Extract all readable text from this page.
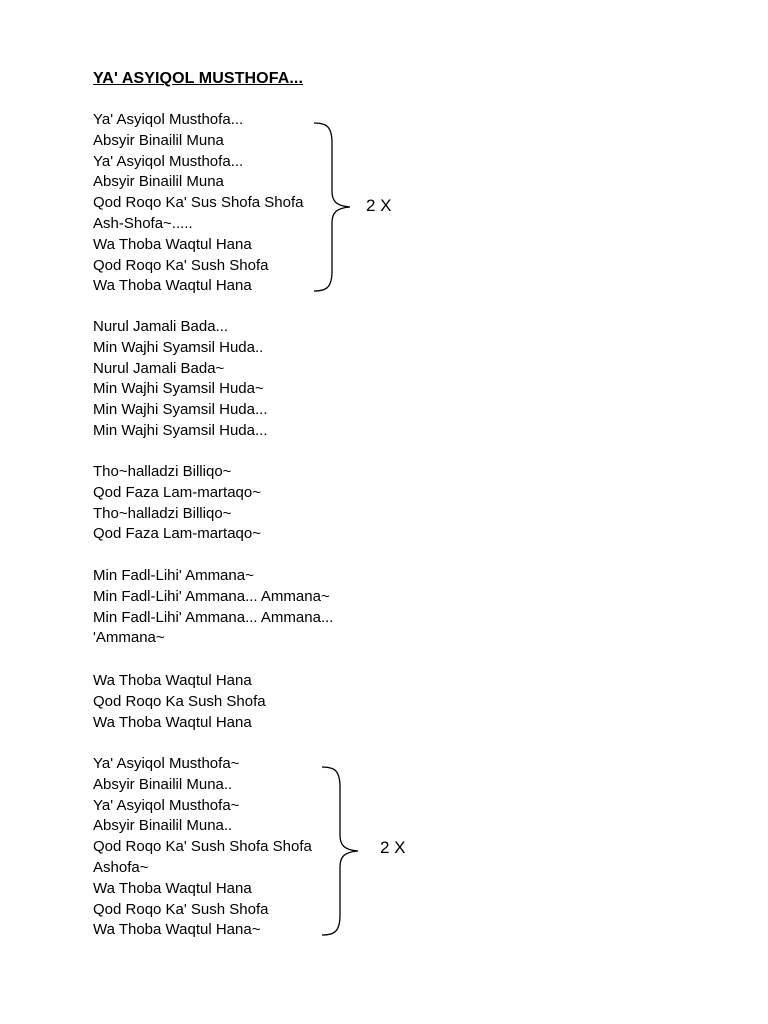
YA' ASYIQOL MUSTHOFA...
Ya' Asyiqol Musthofa...
Absyir Binailil Muna
Ya' Asyiqol Musthofa...
Absyir Binailil Muna
Qod Roqo Ka' Sus Shofa Shofa
Ash-Shofa~.....
Wa Thoba Waqtul Hana
Qod Roqo Ka' Sush Shofa
Wa Thoba Waqtul Hana
2 X
Nurul Jamali Bada...
Min Wajhi Syamsil Huda..
Nurul Jamali Bada~
Min Wajhi Syamsil Huda~
Min Wajhi Syamsil Huda...
Min Wajhi Syamsil Huda...
Tho~halladzi Billiqo~
Qod Faza Lam-martaqo~
Tho~halladzi Billiqo~
Qod Faza Lam-martaqo~
Min Fadl-Lihi' Ammana~
Min Fadl-Lihi' Ammana... Ammana~
Min Fadl-Lihi' Ammana... Ammana...
'Ammana~
Wa Thoba Waqtul Hana
Qod Roqo Ka Sush Shofa
Wa Thoba Waqtul Hana
Ya' Asyiqol Musthofa~
Absyir Binailil Muna..
Ya' Asyiqol Musthofa~
Absyir Binailil Muna..
Qod Roqo Ka' Sush Shofa Shofa
Ashofa~
Wa Thoba Waqtul Hana
Qod Roqo Ka' Sush Shofa
Wa Thoba Waqtul Hana~
2 X
